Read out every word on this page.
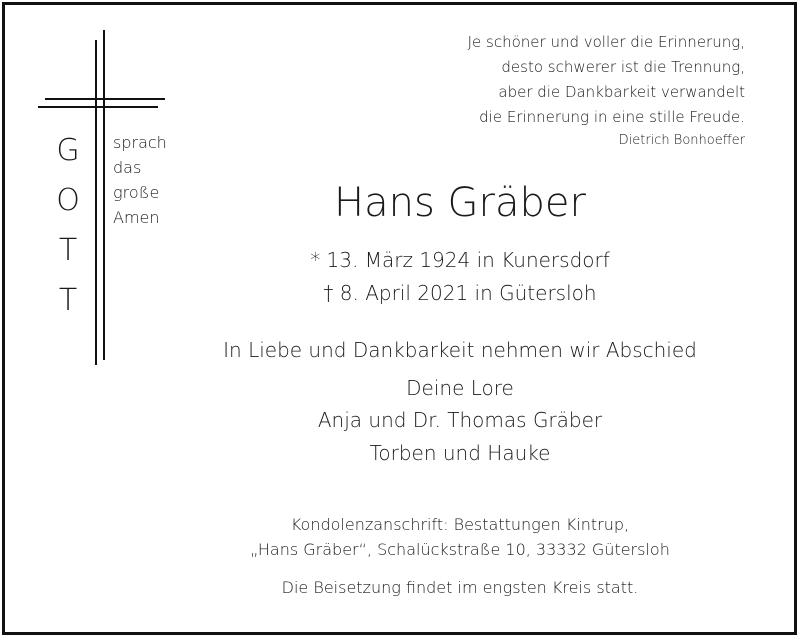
Je schöner und voller die Erinnerung,
desto schwerer ist die Trennung,
aber die Dankbarkeit verwandelt
die Erinnerung in eine stille Freude.
Dietrich Bonhoeffer
G
O
T
T
sprach
das
große
Amen	Hans Gräber
* 13. März 1924 in Kunersdorf
† 8. April 2021 in Gütersloh
In Liebe und Dankbarkeit nehmen wir Abschied
Deine Lore
Anja und Dr. Thomas Gräber
Torben und Hauke
Kondolenzanschrift: Bestattungen Kintrup,
„Hans Gräber“, Schalückstraße 10, 33332 Gütersloh
Die Beisetzung findet im engsten Kreis statt.
